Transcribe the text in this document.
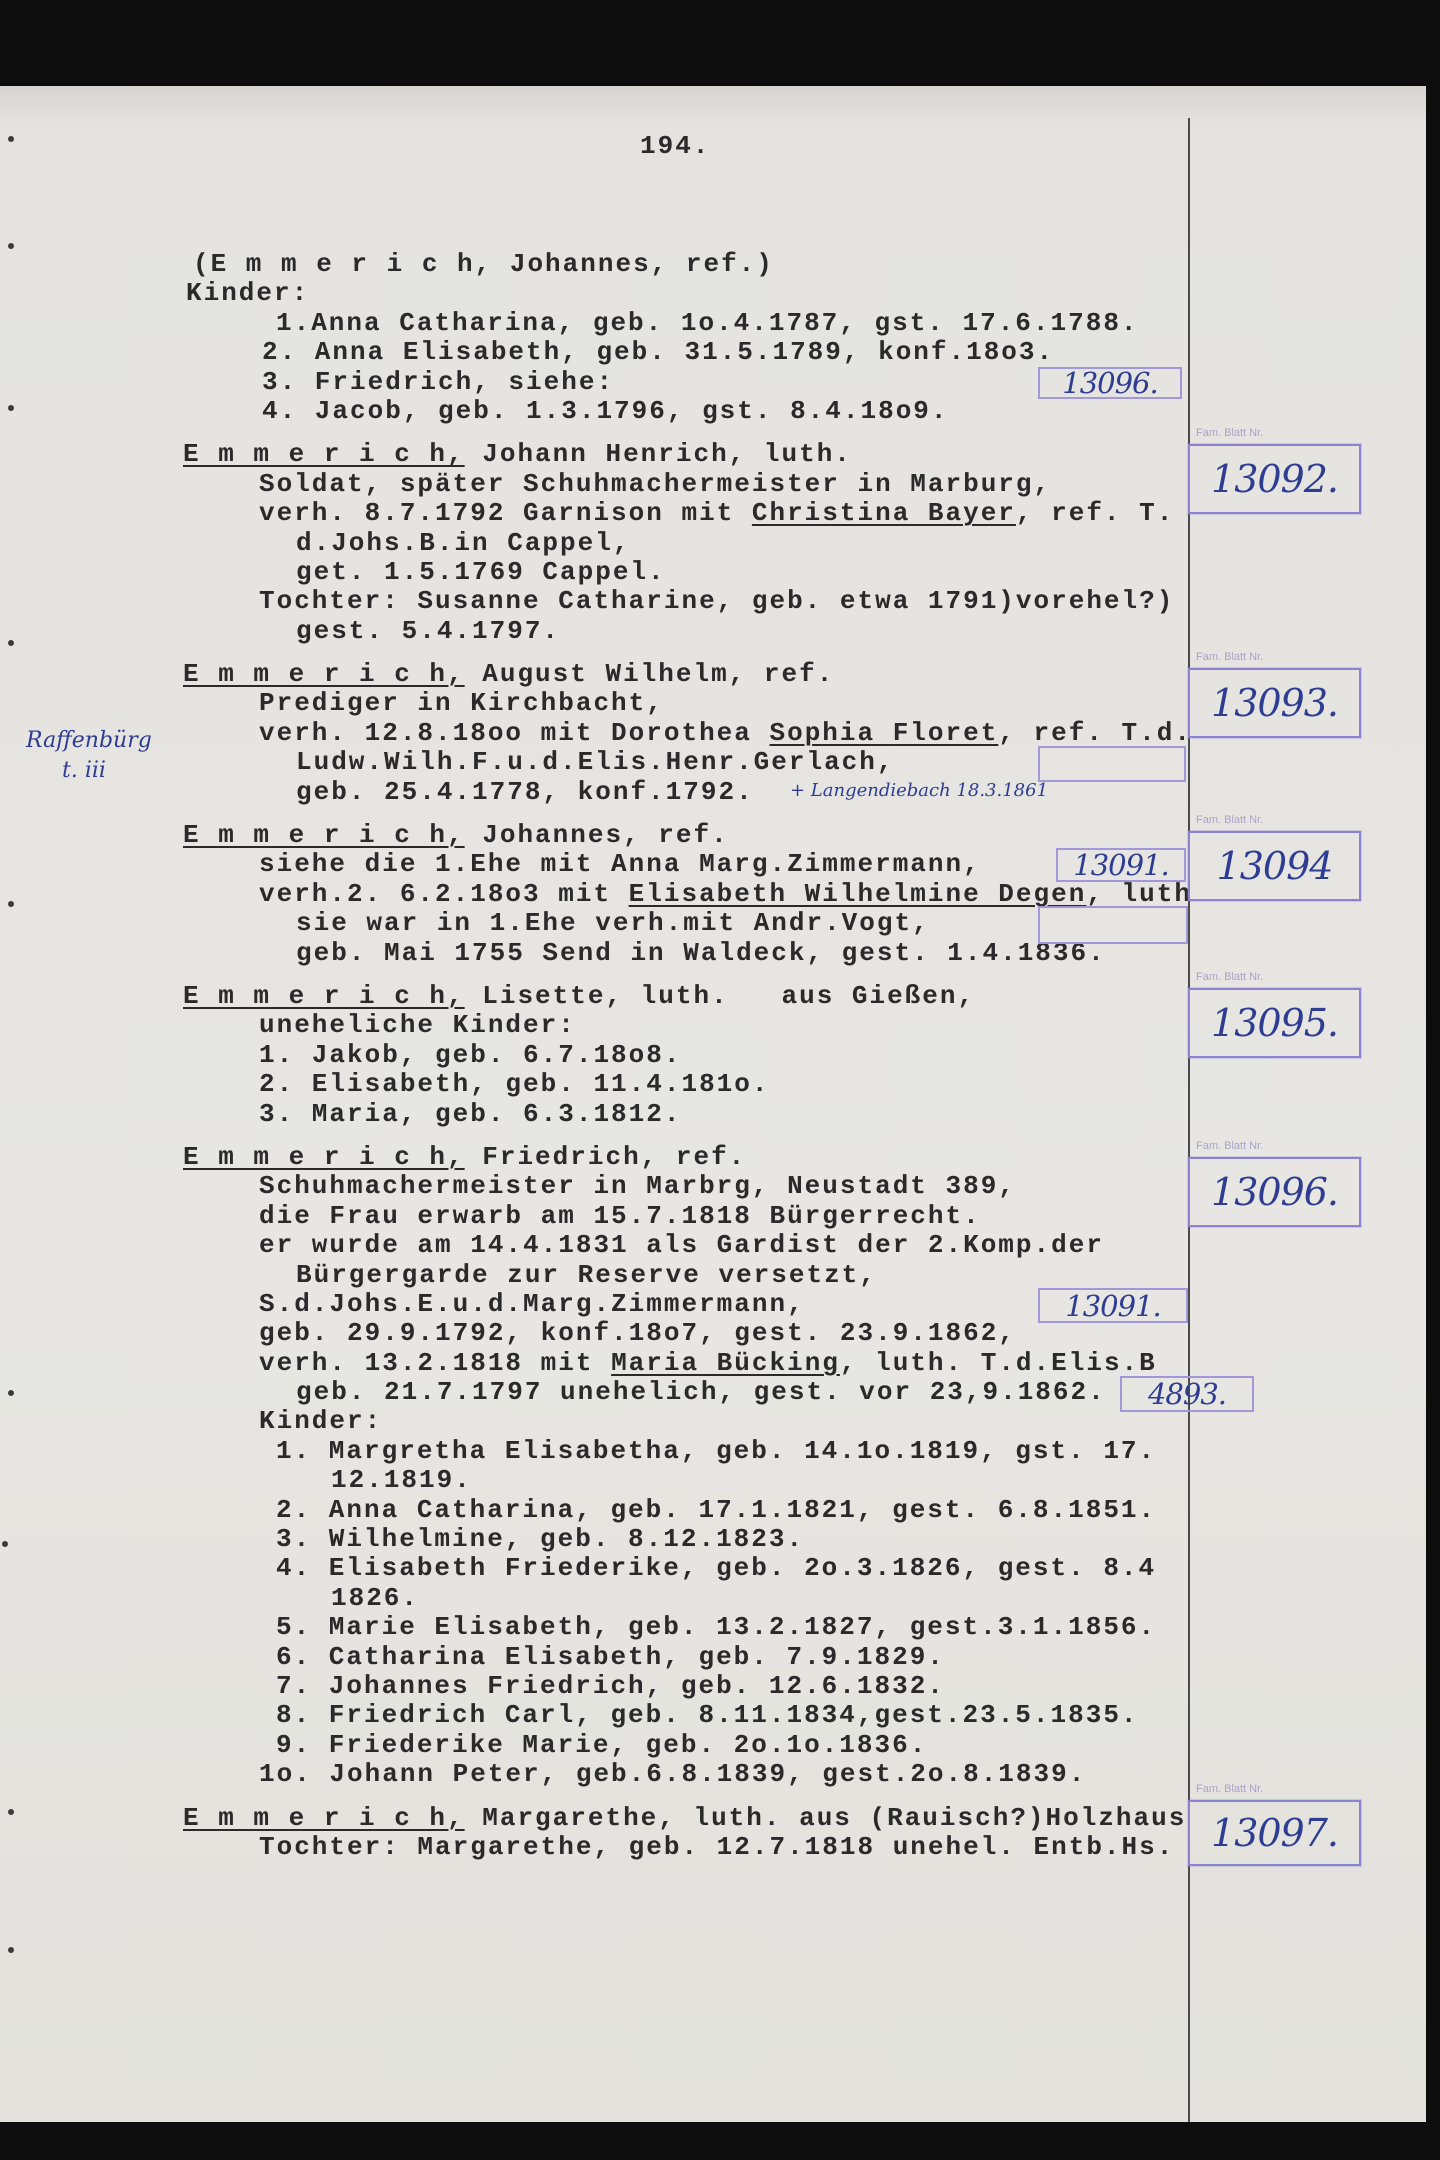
194.
(E m m e r i c h, Johannes, ref.)
Kinder:
1.Anna Catharina, geb. 1o.4.1787, gst. 17.6.1788.
2. Anna Elisabeth, geb. 31.5.1789, konf.18o3.
3. Friedrich, siehe:
4. Jacob, geb. 1.3.1796, gst. 8.4.18o9.
E m m e r i c h, Johann Henrich, luth.
Soldat, später Schuhmachermeister in Marburg,
verh. 8.7.1792 Garnison mit Christina Bayer, ref. T.
d.Johs.B.in Cappel,
get. 1.5.1769 Cappel.
Tochter: Susanne Catharine, geb. etwa 1791)vorehel?)
gest. 5.4.1797.
E m m e r i c h, August Wilhelm, ref.
Prediger in Kirchbacht,
verh. 12.8.18oo mit Dorothea Sophia Floret, ref. T.d.
Ludw.Wilh.F.u.d.Elis.Henr.Gerlach,
geb. 25.4.1778, konf.1792.
E m m e r i c h, Johannes, ref.
siehe die 1.Ehe mit Anna Marg.Zimmermann,
verh.2. 6.2.18o3 mit Elisabeth Wilhelmine Degen, luth
sie war in 1.Ehe verh.mit Andr.Vogt,
geb. Mai 1755 Send in Waldeck, gest. 1.4.1836.
E m m e r i c h, Lisette, luth.   aus Gießen,
uneheliche Kinder:
1. Jakob, geb. 6.7.18o8.
2. Elisabeth, geb. 11.4.181o.
3. Maria, geb. 6.3.1812.
E m m e r i c h, Friedrich, ref.
Schuhmachermeister in Marbrg, Neustadt 389,
die Frau erwarb am 15.7.1818 Bürgerrecht.
er wurde am 14.4.1831 als Gardist der 2.Komp.der
Bürgergarde zur Reserve versetzt,
S.d.Johs.E.u.d.Marg.Zimmermann,
geb. 29.9.1792, konf.18o7, gest. 23.9.1862,
verh. 13.2.1818 mit Maria Bücking, luth. T.d.Elis.B
geb. 21.7.1797 unehelich, gest. vor 23,9.1862.
Kinder:
1. Margretha Elisabetha, geb. 14.1o.1819, gst. 17.
12.1819.
2. Anna Catharina, geb. 17.1.1821, gest. 6.8.1851.
3. Wilhelmine, geb. 8.12.1823.
4. Elisabeth Friederike, geb. 2o.3.1826, gest. 8.4
1826.
5. Marie Elisabeth, geb. 13.2.1827, gest.3.1.1856.
6. Catharina Elisabeth, geb. 7.9.1829.
7. Johannes Friedrich, geb. 12.6.1832.
8. Friedrich Carl, geb. 8.11.1834,gest.23.5.1835.
9. Friederike Marie, geb. 2o.1o.1836.
1o. Johann Peter, geb.6.8.1839, gest.2o.8.1839.
E m m e r i c h, Margarethe, luth. aus (Rauisch?)Holzhaus
Tochter: Margarethe, geb. 12.7.1818 unehel. Entb.Hs.
13096.
13091.
13091.
4893.
Fam. Blatt Nr.
13092.
Fam. Blatt Nr.
13093.
Fam. Blatt Nr.
13094
Fam. Blatt Nr.
13095.
Fam. Blatt Nr.
13096.
Fam. Blatt Nr.
13097.
Raffenbürg
t. iii
+ Langendiebach 18.3.1861
